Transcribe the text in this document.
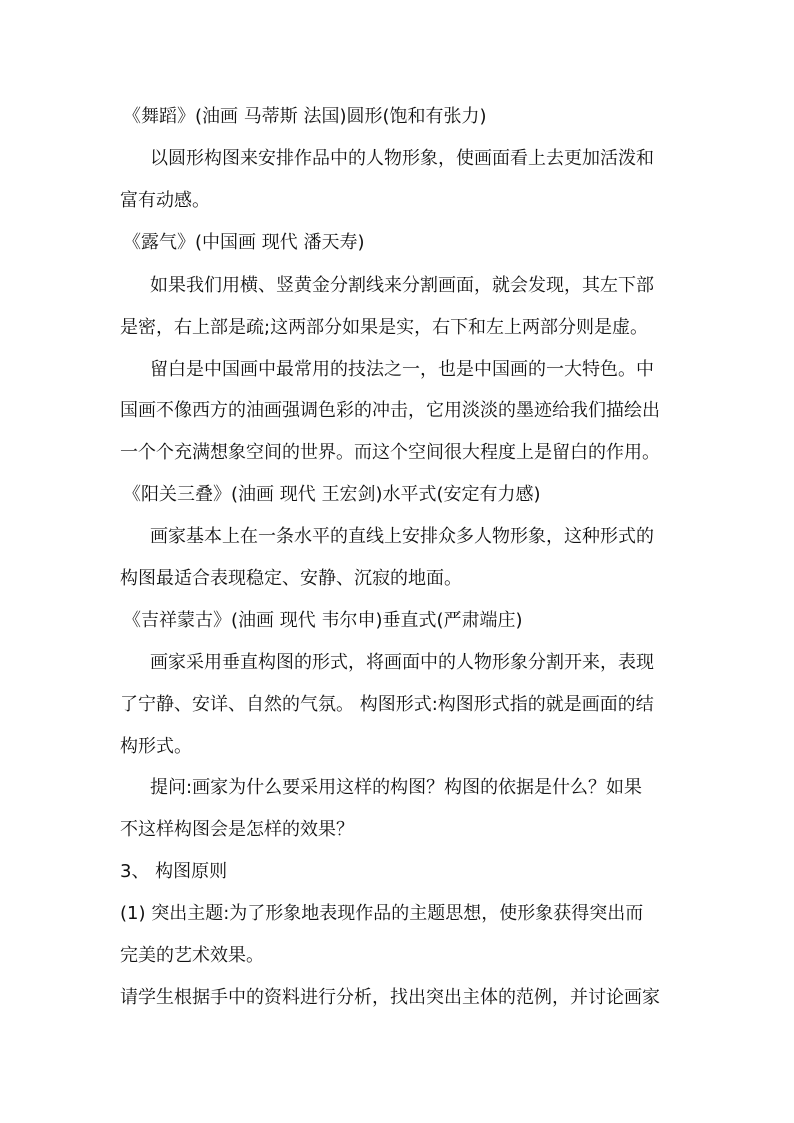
《舞蹈》(油画 马蒂斯 法国)圆形(饱和有张力)
以圆形构图来安排作品中的人物形象，使画面看上去更加活泼和
富有动感。
《露气》(中国画 现代 潘天寿)
如果我们用横、竖黄金分割线来分割画面，就会发现，其左下部
是密，右上部是疏;这两部分如果是实，右下和左上两部分则是虚。
留白是中国画中最常用的技法之一，也是中国画的一大特色。中
国画不像西方的油画强调色彩的冲击，它用淡淡的墨迹给我们描绘出
一个个充满想象空间的世界。而这个空间很大程度上是留白的作用。
《阳关三叠》(油画 现代 王宏剑)水平式(安定有力感)
画家基本上在一条水平的直线上安排众多人物形象，这种形式的
构图最适合表现稳定、安静、沉寂的地面。
《吉祥蒙古》(油画 现代 韦尔申)垂直式(严肃端庄)
画家采用垂直构图的形式，将画面中的人物形象分割开来，表现
了宁静、安详、自然的气氛。 构图形式:构图形式指的就是画面的结
构形式。
提问:画家为什么要采用这样的构图？构图的依据是什么？如果
不这样构图会是怎样的效果？
3、 构图原则
(1) 突出主题:为了形象地表现作品的主题思想，使形象获得突出而
完美的艺术效果。
请学生根据手中的资料进行分析，找出突出主体的范例，并讨论画家
